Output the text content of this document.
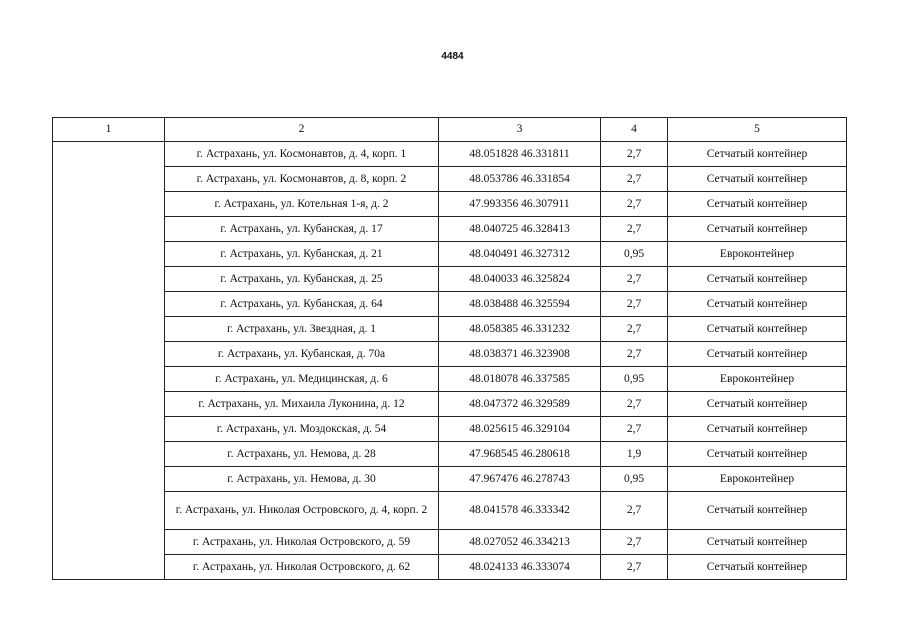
4484
1	2	3	4	5
	г. Астрахань, ул. Космонавтов, д. 4, корп. 1	48.051828 46.331811	2,7	Сетчатый контейнер
	г. Астрахань, ул. Космонавтов, д. 8, корп. 2	48.053786 46.331854	2,7	Сетчатый контейнер
	г. Астрахань, ул. Котельная 1-я, д. 2	47.993356 46.307911	2,7	Сетчатый контейнер
	г. Астрахань, ул. Кубанская, д. 17	48.040725 46.328413	2,7	Сетчатый контейнер
	г. Астрахань, ул. Кубанская, д. 21	48.040491 46.327312	0,95	Евроконтейнер
	г. Астрахань, ул. Кубанская, д. 25	48.040033 46.325824	2,7	Сетчатый контейнер
	г. Астрахань, ул. Кубанская, д. 64	48.038488 46.325594	2,7	Сетчатый контейнер
	г. Астрахань, ул. Звездная, д. 1	48.058385 46.331232	2,7	Сетчатый контейнер
	г. Астрахань, ул. Кубанская, д. 70а	48.038371 46.323908	2,7	Сетчатый контейнер
	г. Астрахань, ул. Медицинская, д. 6	48.018078 46.337585	0,95	Евроконтейнер
	г. Астрахань, ул. Михаила Луконина, д. 12	48.047372 46.329589	2,7	Сетчатый контейнер
	г. Астрахань, ул. Моздокская, д. 54	48.025615 46.329104	2,7	Сетчатый контейнер
	г. Астрахань, ул. Немова, д. 28	47.968545 46.280618	1,9	Сетчатый контейнер
	г. Астрахань, ул. Немова, д. 30	47.967476 46.278743	0,95	Евроконтейнер
	г. Астрахань, ул. Николая Островского, д. 4, корп. 2	48.041578 46.333342	2,7	Сетчатый контейнер
	г. Астрахань, ул. Николая Островского, д. 59	48.027052 46.334213	2,7	Сетчатый контейнер
	г. Астрахань, ул. Николая Островского, д. 62	48.024133 46.333074	2,7	Сетчатый контейнер
